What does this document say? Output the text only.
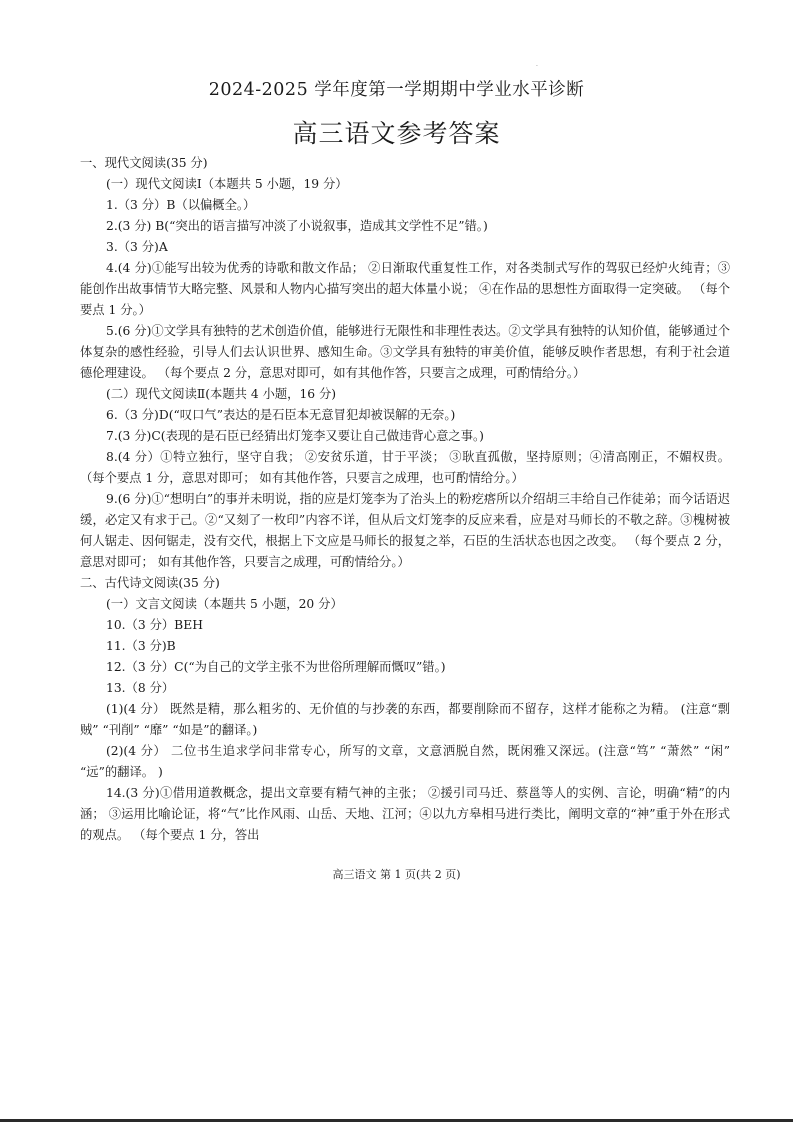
.
2024-2025 学年度第一学期期中学业水平诊断
高三语文参考答案

一、现代文阅读(35 分)

(一）现代文阅读Ⅰ（本题共 5 小题，19 分）

1.（3 分）B（以偏概全。）

2.(3 分) B(“突出的语言描写冲淡了小说叙事，造成其文学性不足”错。)

3.（3 分)A

4.(4 分)①能写出较为优秀的诗歌和散文作品； ②日渐取代重复性工作，对各类制式写作的驾驭已经炉火纯青；③能创作出故事情节大略完整、风景和人物内心描写突出的超大体量小说； ④在作品的思想性方面取得一定突破。 （每个要点 1 分。）

5.(6 分)①文学具有独特的艺术创造价值，能够进行无限性和非理性表达。②文学具有独特的认知价值，能够通过个体复杂的感性经验，引导人们去认识世界、感知生命。③文学具有独特的审美价值，能够反映作者思想，有利于社会道德伦理建设。 （每个要点 2 分，意思对即可，如有其他作答，只要言之成理，可酌情给分。）

(二）现代文阅读Ⅱ(本题共 4 小题，16 分)

6.（3 分)D(“叹口气”表达的是石臣本无意冒犯却被误解的无奈。)

7.(3 分)C(表现的是石臣已经猜出灯笼李又要让自己做违背心意之事。)

8.(4 分）①特立独行，坚守自我； ②安贫乐道，甘于平淡； ③耿直孤傲，坚持原则；④清高刚正，不媚权贵。 （每个要点 1 分，意思对即可； 如有其他作答，只要言之成理，也可酌情给分。）

9.(6 分)①“想明白”的事并未明说，指的应是灯笼李为了治头上的粉疙瘩所以介绍胡三丰给自己作徒弟；而今话语迟缓，必定又有求于己。②“又刻了一枚印”内容不详，但从后文灯笼李的反应来看，应是对马师长的不敬之辞。③槐树被何人锯走、因何锯走，没有交代，根据上下文应是马师长的报复之举，石臣的生活状态也因之改变。 （每个要点 2 分，意思对即可； 如有其他作答，只要言之成理，可酌情给分。）

二、古代诗文阅读(35 分)

(一）文言文阅读（本题共 5 小题，20 分）

10.（3 分）BEH

11.（3 分)B

12.（3 分）C(“为自己的文学主张不为世俗所理解而慨叹”错。)

13.（8 分）

(1)(4 分） 既然是精，那么粗劣的、无价值的与抄袭的东西，都要削除而不留存，这样才能称之为精。 (注意“剽贼” “刊削” “靡” “如是”的翻译。)

(2)(4 分） 二位书生追求学问非常专心，所写的文章，文意洒脱自然，既闲雅又深远。(注意“笃” “萧然” “闲” “远”的翻译。 )

14.(3 分)①借用道教概念，提出文章要有精气神的主张； ②援引司马迁、蔡邕等人的实例、言论，明确“精”的内涵； ③运用比喻论证，将“气”比作风雨、山岳、天地、江河；④以九方皋相马进行类比，阐明文章的“神”重于外在形式的观点。 （每个要点 1 分，答出

高三语文 第 1 页(共 2 页)
